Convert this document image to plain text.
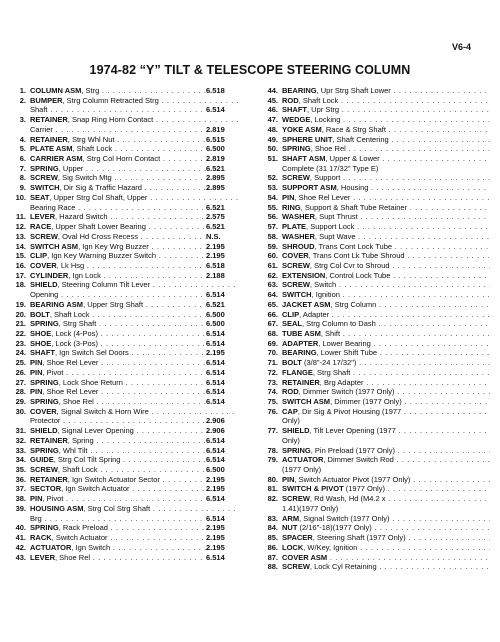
V6-4
1974-82 “Y” TILT & TELESCOPE STEERING COLUMN
1. COLUMN ASM, Strg . . .	6.518
2. BUMPER, Strg Column Retracted Strg . . .
Shaft . . .	6.514
3. RETAINER, Snap Ring Horn Contact . . .
Carrier . . .	2.819
4. RETAINER, Strg Whl Nut . . .	6.515
5. PLATE ASM, Shaft Lock . . .	6.500
6. CARRIER ASM, Strg Col Horn Contact . . .	2.819
7. SPRING, Upper . . .	6.521
8. SCREW, Sig Switch Mtg . . .	2.895
9. SWITCH, Dir Sig & Traffic Hazard . . .	2.895
10. SEAT, Upper Strg Col Shaft, Upper . . .
Bearing Race . . .	6.521
11. LEVER, Hazard Switch . . .	2.575
12. RACE, Upper Shaft Lower Bearing . . .	6.521
13. SCREW, Oval Hd Cross Recess . . .	N.S.
14. SWITCH ASM, Ign Key Wrg Buzzer . . .	2.195
15. CLIP, Ign Key Warning Buzzer Switch . . .	2.195
16. COVER, Lk Hsg . . .	6.518
17. CYLINDER, Ign Lock . . .	2.188
18. SHIELD, Steering Column Tilt Lever . . .
Opening . . .	6.514
19. BEARING ASM, Upper Strg Shaft . . .	6.521
20. BOLT, Shaft Lock . . .	6.500
21. SPRING, Strg Shaft . . .	6.500
22. SHOE, Lock (4-Pos) . . .	6.514
23. SHOE, Lock (3-Pos) . . .	6.514
24. SHAFT, Ign Switch Sel Doors . . .	2.195
25. PIN, Shoe Rel Lever . . .	6.514
26. PIN, Pivot . . .	6.514
27. SPRING, Lock Shoe Return . . .	6.514
28. PIN, Shoe Rel Lever . . .	6.514
29. SPRING, Shoe Rel . . .	6.514
30. COVER, Signal Switch & Horn Wire . . .
Protector . . .	2.906
31. SHIELD, Signal Lever Opening . . .	2.906
32. RETAINER, Spring . . .	6.514
33. SPRING, Whl Tilt . . .	6.514
34. GUIDE, Strg Col Tilt Spring . . .	6.514
35. SCREW, Shaft Lock . . .	6.500
36. RETAINER, Ign Switch Actuator Sector . . .	2.195
37. SECTOR, Ign Switch Actuator . . .	2.195
38. PIN, Pivot . . .	6.514
39. HOUSING ASM, Strg Col Strg Shaft . . .
Brg . . .	6.514
40. SPRING, Rack Preload . . .	2.195
41. RACK, Switch Actuator . . .	2.195
42. ACTUATOR, Ign Switch . . .	2.195
43. LEVER, Shoe Rel . . .	6.514
44. BEARING, Upr Strg Shaft Lower . . .
45. ROD, Shaft Lock . . .
46. SHAFT, Upr Strg . . .
47. WEDGE, Locking . . .
48. YOKE ASM, Race & Strg Shaft . . .
49. SPHERE UNIT, Shaft Centering . . .
50. SPRING, Shoe Rel . . .
51. SHAFT ASM, Upper & Lower . . .
Complete (31 17/32" Type E)
52. SCREW, Support . . .
53. SUPPORT ASM, Housing . . .
54. PIN, Shoe Rel Lever . . .
55. RING, Support & Shaft Tube Retainer . . .
56. WASHER, Supt Thrust . . .
57. PLATE, Support Lock . . .
58. WASHER, Supt Wave . . .
59. SHROUD, Trans Cont Lock Tube . . .
60. COVER, Trans Cont Lk Tube Shroud . . .
61. SCREW, Strg Col Cvr to Shroud . . .
62. EXTENSION, Control Lock Tube . . .
63. SCREW, Switch . . .
64. SWITCH, Ignition . . .
65. JACKET ASM, Strg Column . . .
66. CLIP, Adapter . . .
67. SEAL, Strg Column to Dash . . .
68. TUBE ASM, Shift . . .
69. ADAPTER, Lower Bearing . . .
70. BEARING, Lower Shift Tube . . .
71. BOLT (3/8"-24 17/32") . . .
72. FLANGE, Strg Shaft . . .
73. RETAINER, Brg Adapter . . .
74. ROD, Dimmer Switch (1977 Only) . . .
75. SWITCH ASM, Dimmer (1977 Only) . . .
76. CAP, Dir Sig & Pivot Housing (1977 . . .
Only)
77. SHIELD, Tilt Lever Opening (1977 . . .
Only)
78. SPRING, Pin Preload (1977 Only) . . .
79. ACTUATOR, Dimmer Switch Rod . . .
(1977 Only)
80. PIN, Switch Actuator Pivot (1977 Only) . . .
81. SWITCH & PIVOT (1977 Only) . . .
82. SCREW, Rd Wash, Hd (M4.2 x . . .
1.41)(1977 Only)
83. ARM, Signal Switch (1977 Only) . . .
84. NUT (2/16"-18)(1977 Only) . . .
85. SPACER, Steering Shaft (1977 Only) . . .
86. LOCK, W/Key, Ignition . . .
87. COVER ASM . . .
88. SCREW, Lock Cyl Retaining . . .
